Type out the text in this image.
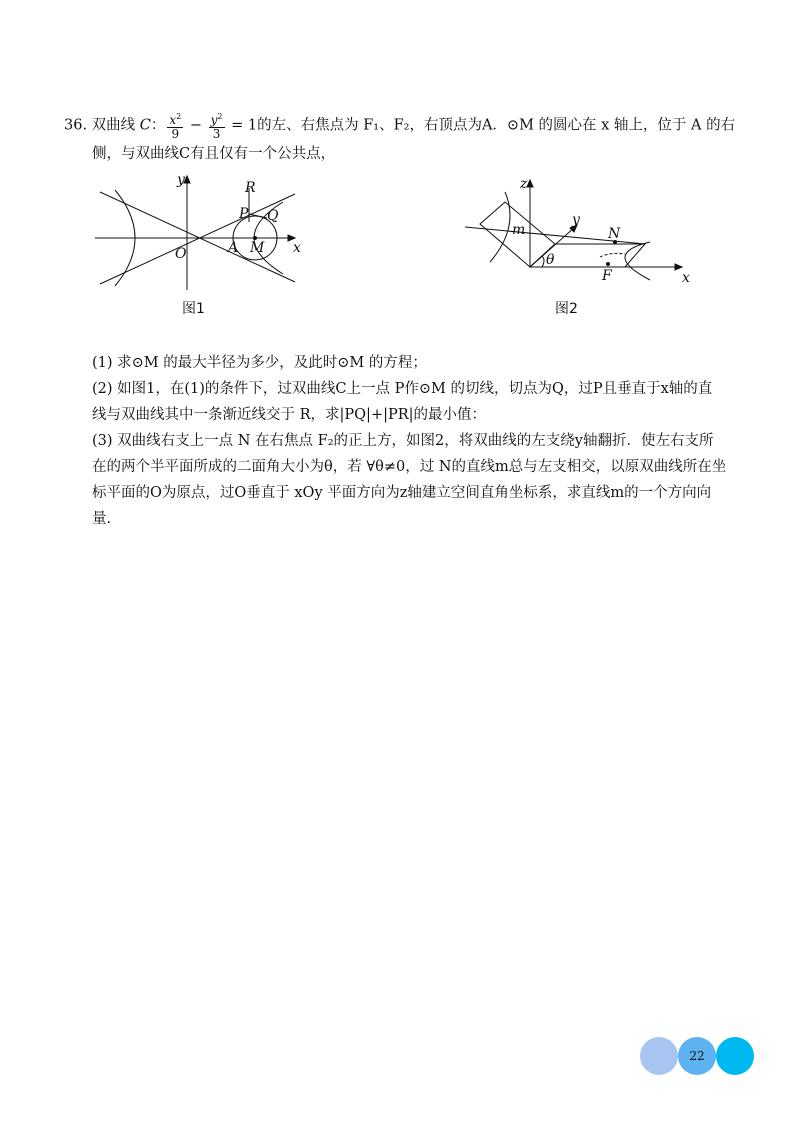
36. 双曲线 C： $\frac{x^2}{9} - \frac{y^2}{3} = 1$的左、右焦点为 F₁、F₂，右顶点为A．⊙M 的圆心在 x 轴上，位于 A 的右
侧，与双曲线C有且仅有一个公共点，
y
x
O	A M
R
P Q
图1
z
y
x
m	N
θ
F
图2
(1) 求⊙M 的最大半径为多少，及此时⊙M 的方程；
(2) 如图1，在(1)的条件下，过双曲线C上一点 P作⊙M 的切线，切点为Q，过P且垂直于x轴的直
线与双曲线其中一条渐近线交于 R，求|PQ|+|PR|的最小值：
(3) 双曲线右支上一点 N 在右焦点 F₂的正上方，如图2，将双曲线的左支绕y轴翻折．使左右支所
在的两个半平面所成的二面角大小为θ，若 ∀θ≠0，过 N的直线m总与左支相交，以原双曲线所在坐
标平面的O为原点，过O垂直于 xOy 平面方向为z轴建立空间直角坐标系，求直线m的一个方向向
量.
22
